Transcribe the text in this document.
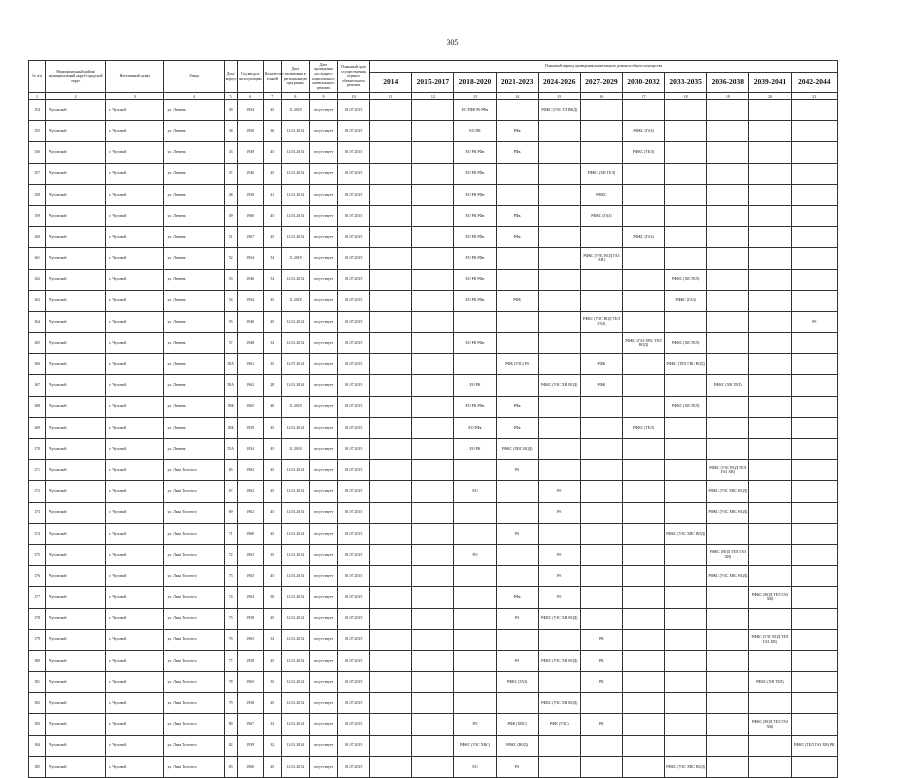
305
№ п/п	Муниципальный район/муниципальный округ/городской округ	Населенный пункт	Улица	Дом/корпус	Год ввода в эксплуатацию	Количество этажей	Дата включения в региональную программу	Дата проведения последнего комплексного капитального ремонта	Плановый срок осуществления первого обязательного ремонта	Плановый период проведения капитального ремонта общего имущества										
										2014	2015-2017	2018-2020	2021-2023	2024-2026	2027-2029	2030-2032	2033-2035	2036-2038	2039-2041	2042-2044
1	2	3	4	5	6	7	8	9	10	11	12	13	14	15	16	17	18	19	20	21
154	Чусовской	г. Чусовой	ул. Ленина	39	1954	45	11.2018	отсутствует	01.07.2015			ЕС РФК Р6 РФк		РФКС (УЗС ТЛ ВКД)						
155	Чусовской	г. Чусовой	ул. Ленина	38	1950	36	12.01.2014	отсутствует	01.07.2015			ЕО ПК	РФк			РФКС (ГАЗ)				
156	Чусовской	г. Чусовой	ул. Ленина	43	1949	45	12.01.2014	отсутствует	01.07.2015			ЕО РК РФк	РФк			РФКС (ТЕЛ)				
157	Чусовской	г. Чусовой	ул. Ленина	47	1946	45	12.01.2014	отсутствует	01.07.2015			ЕО РК РФк			РФКС (ХВ ТЕЛ)					
158	Чусовской	г. Чусовой	ул. Ленина	48	1958	41	12.01.2014	отсутствует	01.07.2015			ЕО РК РФк			РФКС					
159	Чусовской	г. Чусовой	ул. Ленина	49	1960	45	12.01.2014	отсутствует	01.07.2015			ЕО РК РФк	РФк		РФКС (ГАЗ)					
160	Чусовской	г. Чусовой	ул. Ленина	51	1967	45	12.01.2014	отсутствует	01.07.2015			ЕО РК РФк	РФк			РФКС (ГАЗ)				
161	Чусовской	г. Чусовой	ул. Ленина	52	1954	54	11.2018	отсутствует	01.07.2015			ЕО РК РФк			РФКС (УЗС ВОД ГАЗ ХВ)					
162	Чусовской	г. Чусовой	ул. Ленина	53	1946	54	12.01.2014	отсутствует	01.07.2015			ЕО РК РФк					РФКС (ХВ ТЕЛ)			
163	Чусовской	г. Чусовой	ул. Ленина	54	1954	45	11.2018	отсутствует	01.07.2015			ЕО РК РФк	РФК				РФКС (ГАЗ)			
164	Чусовской	г. Чусовой	ул. Ленина	55	1946	45	12.01.2014	отсутствует	01.07.2015						РФКС (УЗС ВОД ТЕЛ ГАЗ)					Рб
165	Чусовской	г. Чусовой	ул. Ленина	57	1948	32	12.01.2014	отсутствует	01.07.2015			ЕО РК РФк				РФКС (ГАЗ ХВС ТЕЛ ВОД)	РФКС (ХВ ТЕЛ)			
166	Чусовской	г. Чусовой	ул. Ленина	58А	1961	35	12.07.2014	отсутствует	01.07.2015				РФК (УЗС) Рб		РФК		РФКС (ТЕЛ ГВС ВОД)			
167	Чусовской	г. Чусовой	ул. Ленина	58А	1962	28	12.01.2014	отсутствует	01.07.2015			ЕО РК		РФКС (УЗС ХВ ВОД)	РФК			РФКС (ХВ ТЕЛ)		
168	Чусовской	г. Чусовой	ул. Ленина	58Б	1965	40	11.2018	отсутствует	01.07.2015			ЕО РК РФк	РФк				РФКС (ХВ ТЕЛ)			
169	Чусовской	г. Чусовой	ул. Ленина	58Б	1959	45	12.01.2014	отсутствует	01.07.2015			ЕО РФк	РФк			РФКС (ТЕЛ)				
170	Чусовской	г. Чусовой	ул. Ленина	55А	1954	45	11.2018	отсутствует	01.07.2015			ЕО РК	РФКС (ХВС ВОД)							
171	Чусовской	г. Чусовой	ул. Льва Толстого	65	1962	45	12.01.2014	отсутствует	01.07.2015				Рб					РФКС (УЗС ВОД ТЕЛ ГАЗ ХВ)		
172	Чусовской	г. Чусовой	ул. Льва Толстого	67	1962	45	12.01.2014	отсутствует	01.07.2015			ЕО		Рб				РФКС (УЗС ХВС ВОД)		
173	Чусовской	г. Чусовой	ул. Льва Толстого	69	1962	45	12.01.2014	отсутствует	01.07.2015					Рб				РФКС (УЗС ХВС ВОД)		
174	Чусовской	г. Чусовой	ул. Льва Толстого	71	1960	45	12.01.2014	отсутствует	01.07.2015				Рб				РФКС (УЗС ХВС ВОД)			
175	Чусовской	г. Чусовой	ул. Льва Толстого	72	1963	35	12.01.2014	отсутствует	01.07.2015			РО		Рб				РФКС (ВОД ТЕЛ ГАЗ ХВ)		
176	Чусовской	г. Чусовой	ул. Льва Толстого	73	1963	45	12.01.2014	отсутствует	01.07.2015					Рб				РФКС (УЗС ХВС ВОД)		
177	Чусовской	г. Чусовой	ул. Льва Толстого	74	1964	50	12.01.2014	отсутствует	01.07.2015				РФк	Рб					РФКС (ВОД ТЕЛ ГАЗ ХВ)	
178	Чусовской	г. Чусовой	ул. Льва Толстого	75	1958	45	12.01.2014	отсутствует	01.07.2015				Рб	РФКС (УЗС ХВ ВОД)						
179	Чусовской	г. Чусовой	ул. Льва Толстого	76	1965	32	12.01.2014	отсутствует	01.07.2015						РК				РФКС (УЗС ВОД ТЕЛ ГАЗ ХВ)	
180	Чусовской	г. Чусовой	ул. Льва Толстого	77	1958	45	12.01.2014	отсутствует	01.07.2015				Рб	РФКС (УЗС ХВ ВОД)	РК					
181	Чусовской	г. Чусовой	ул. Льва Толстого	78	1965	35	12.01.2014	отсутствует	01.07.2015				РФКС (ГАЗ)		РК				РФКС (ХВ ТЕЛ)	
182	Чусовской	г. Чусовой	ул. Льва Толстого	79	1958	45	12.01.2014	отсутствует	01.07.2015					РФКС (УЗС ХВ ВОД)						
183	Чусовской	г. Чусовой	ул. Льва Толстого	80	1967	32	12.01.2014	отсутствует	01.07.2015			РО	РФК (ХВС)	РФК (УЗС)	РК				РФКС (ВОД ТЕЛ ГАЗ ХВ)	
184	Чусовской	г. Чусовой	ул. Льва Толстого	82	1959	32	12.01.2014	отсутствует	01.07.2015			РФКС (УЗС ХВС)	РФКС (ВОД)							РФКС (ТЕЛ ГАЗ ХВ) РК
185	Чусовской	г. Чусовой	ул. Льва Толстого	83	1960	45	12.01.2014	отсутствует	01.07.2015			ЕО	Рб				РФКС (УЗС ХВС ВОД)			
